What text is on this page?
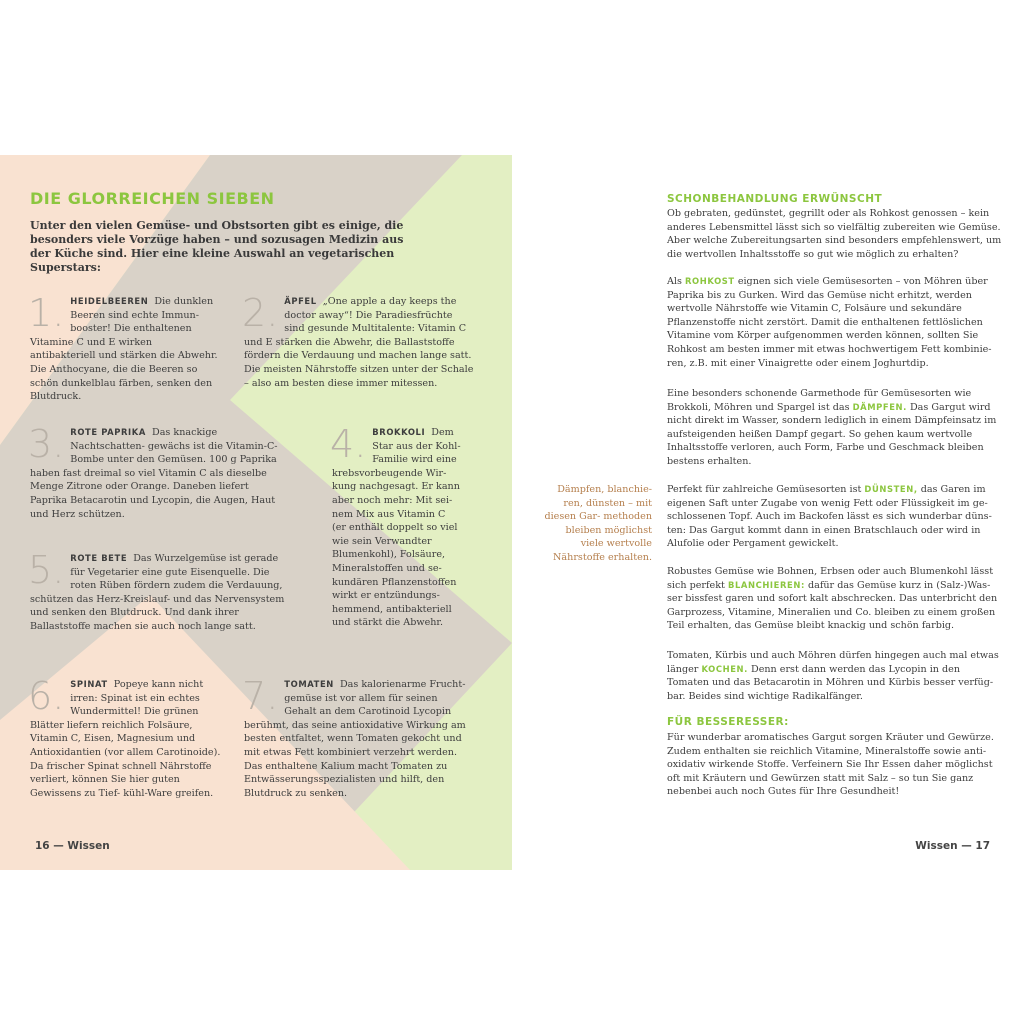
DIE GLORREICHEN SIEBEN

Unter den vielen Gemüse- und Obstsorten gibt es einige, die besonders viele Vorzüge haben – und sozusagen Medizin aus der Küche sind. Hier eine kleine Auswahl an vegetarischen Superstars:

1. HEIDELBEEREN Die dunklen Beeren sind echte Immun- booster! Die enthaltenen Vitamine C und E wirken antibakteriell und stärken die Abwehr. Die Anthocyane, die die Beeren so schön dunkelblau färben, senken den Blutdruck.
2. ÄPFEL „One apple a day keeps the doctor away“! Die Paradiesfrüchte sind gesunde Multitalente: Vitamin C und E stärken die Abwehr, die Ballaststoffe fördern die Verdauung und machen lange satt. Die meisten Nährstoffe sitzen unter der Schale – also am besten diese immer mitessen.
3. ROTE PAPRIKA Das knackige Nachtschatten- gewächs ist die Vitamin-C-Bombe unter den Gemüsen. 100 g Paprika haben fast dreimal so viel Vitamin C als dieselbe Menge Zitrone oder Orange. Daneben liefert Paprika Betacarotin und Lycopin, die Augen, Haut und Herz schützen.
4. BROKKOLI Dem Star aus der Kohl-Familie wird eine krebsvorbeugende Wir- kung nachgesagt. Er kann aber noch mehr: Mit sei- nem Mix aus Vitamin C (er enthält doppelt so viel wie sein Verwandter Blumenkohl), Folsäure, Mineralstoffen und se- kundären Pflanzenstoffen wirkt er entzündungs- hemmend, antibakteriell und stärkt die Abwehr.
5. ROTE BETE Das Wurzelgemüse ist gerade für Vegetarier eine gute Eisenquelle. Die roten Rüben fördern zudem die Verdauung, schützen das Herz-Kreislauf- und das Nervensystem und senken den Blutdruck. Und dank ihrer Ballaststoffe machen sie auch noch lange satt.
6. SPINAT Popeye kann nicht irren: Spinat ist ein echtes Wundermittel! Die grünen Blätter liefern reichlich Folsäure, Vitamin C, Eisen, Magnesium und Antioxidantien (vor allem Carotinoide). Da frischer Spinat schnell Nährstoffe verliert, können Sie hier guten Gewissens zu Tief- kühl-Ware greifen.
7. TOMATEN Das kalorienarme Frucht- gemüse ist vor allem für seinen Gehalt an dem Carotinoid Lycopin berühmt, das seine antioxidative Wirkung am besten entfaltet, wenn Tomaten gekocht und mit etwas Fett kombiniert verzehrt werden. Das enthaltene Kalium macht Tomaten zu Entwässerungsspezialisten und hilft, den Blutdruck zu senken.
16 — Wissen
SCHONBEHANDLUNG ERWÜNSCHT

Ob gebraten, gedünstet, gegrillt oder als Rohkost genossen – kein anderes Lebensmittel lässt sich so vielfältig zubereiten wie Gemüse. Aber welche Zubereitungsarten sind besonders empfehlenswert, um die wertvollen Inhaltsstoffe so gut wie möglich zu erhalten?

Als ROHKOST eignen sich viele Gemüsesorten – von Möhren über Paprika bis zu Gurken. Wird das Gemüse nicht erhitzt, werden wertvolle Nährstoffe wie Vitamin C, Folsäure und sekundäre Pflanzenstoffe nicht zerstört. Damit die enthaltenen fettlöslichen Vitamine vom Körper aufgenommen werden können, sollten Sie Rohkost am besten immer mit etwas hochwertigem Fett kombinie- ren, z.B. mit einer Vinaigrette oder einem Joghurtdip.

Eine besonders schonende Garmethode für Gemüsesorten wie Brokkoli, Möhren und Spargel ist das DÄMPFEN. Das Gargut wird nicht direkt im Wasser, sondern lediglich in einem Dämpfeinsatz im aufsteigenden heißen Dampf gegart. So gehen kaum wertvolle Inhaltsstoffe verloren, auch Form, Farbe und Geschmack bleiben bestens erhalten.

Dämpfen, blanchie- ren, dünsten – mit diesen Gar- methoden bleiben möglichst viele wertvolle Nährstoffe erhalten.

Perfekt für zahlreiche Gemüsesorten ist DÜNSTEN, das Garen im eigenen Saft unter Zugabe von wenig Fett oder Flüssigkeit im ge- schlossenen Topf. Auch im Backofen lässt es sich wunderbar düns- ten: Das Gargut kommt dann in einen Bratschlauch oder wird in Alufolie oder Pergament gewickelt.

Robustes Gemüse wie Bohnen, Erbsen oder auch Blumenkohl lässt sich perfekt BLANCHIEREN: dafür das Gemüse kurz in (Salz-)Was- ser bissfest garen und sofort kalt abschrecken. Das unterbricht den Garprozess, Vitamine, Mineralien und Co. bleiben zu einem großen Teil erhalten, das Gemüse bleibt knackig und schön farbig.

Tomaten, Kürbis und auch Möhren dürfen hingegen auch mal etwas länger KOCHEN. Denn erst dann werden das Lycopin in den Tomaten und das Betacarotin in Möhren und Kürbis besser verfüg- bar. Beides sind wichtige Radikalfänger.

FÜR BESSERESSER:

Für wunderbar aromatisches Gargut sorgen Kräuter und Gewürze. Zudem enthalten sie reichlich Vitamine, Mineralstoffe sowie anti- oxidativ wirkende Stoffe. Verfeinern Sie Ihr Essen daher möglichst oft mit Kräutern und Gewürzen statt mit Salz – so tun Sie ganz nebenbei auch noch Gutes für Ihre Gesundheit!

Wissen — 17
